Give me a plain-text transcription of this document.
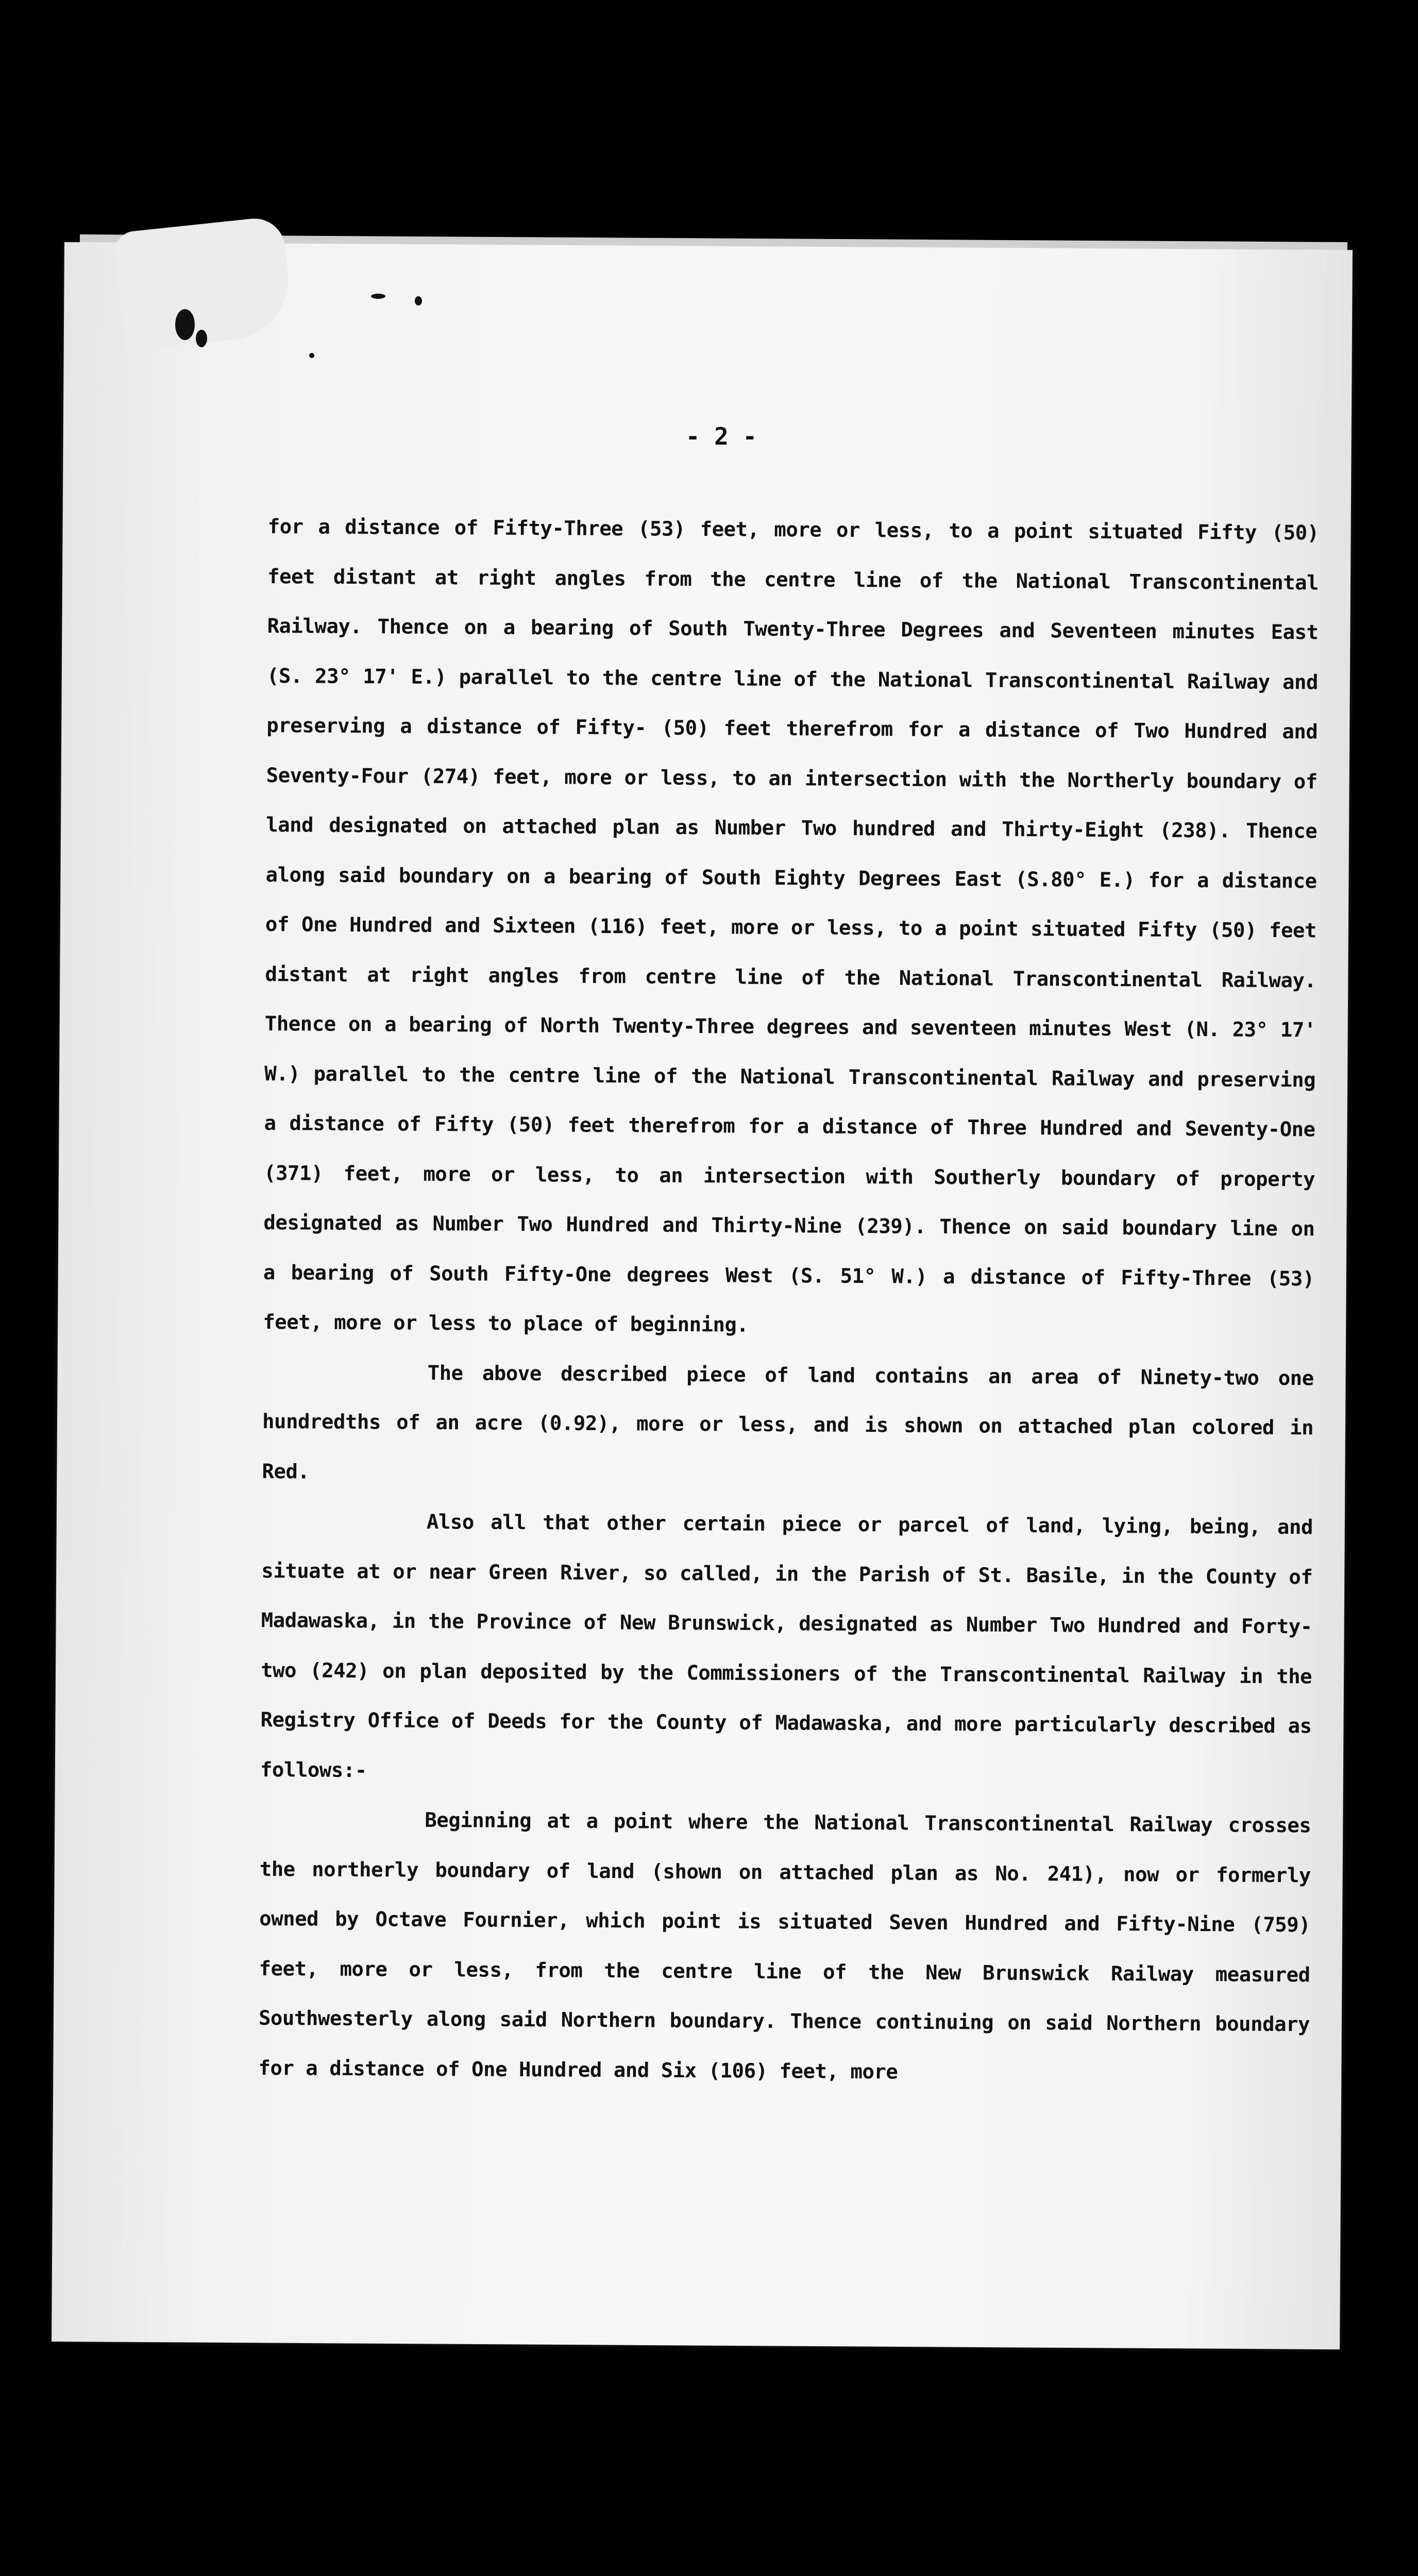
- 2 -

for a distance of Fifty-Three (53) feet, more or less, to a point situated Fifty (50) feet distant at right angles from the centre line of the National Transcontinental Railway. Thence on a bearing of South Twenty-Three Degrees and Seventeen minutes East (S. 23° 17' E.) parallel to the centre line of the National Transcontinental Railway and preserving a distance of Fifty- (50) feet therefrom for a distance of Two Hundred and Seventy-Four (274) feet, more or less, to an intersection with the Northerly boundary of land designated on attached plan as Number Two hundred and Thirty-Eight (238). Thence along said boundary on a bearing of South Eighty Degrees East (S.80° E.) for a distance of One Hundred and Sixteen (116) feet, more or less, to a point situated Fifty (50) feet distant at right angles from centre line of the National Transcontinental Railway. Thence on a bearing of North Twenty-Three degrees and seventeen minutes West (N. 23° 17' W.) parallel to the centre line of the National Transcontinental Railway and preserving a distance of Fifty (50) feet therefrom for a distance of Three Hundred and Seventy-One (371) feet, more or less, to an intersection with Southerly boundary of property designated as Number Two Hundred and Thirty-Nine (239). Thence on said boundary line on a bearing of South Fifty-One degrees West (S. 51° W.) a distance of Fifty-Three (53) feet, more or less to place of beginning.

The above described piece of land contains an area of Ninety-two one hundredths of an acre (0.92), more or less, and is shown on attached plan colored in Red.

Also all that other certain piece or parcel of land, lying, being, and situate at or near Green River, so called, in the Parish of St. Basile, in the County of Madawaska, in the Province of New Brunswick, designated as Number Two Hundred and Forty-two (242) on plan deposited by the Commissioners of the Transcontinental Railway in the Registry Office of Deeds for the County of Madawaska, and more particularly described as follows:-

Beginning at a point where the National Transcontinental Railway crosses the northerly boundary of land (shown on attached plan as No. 241), now or formerly owned by Octave Fournier, which point is situated Seven Hundred and Fifty-Nine (759) feet, more or less, from the centre line of the New Brunswick Railway measured Southwesterly along said Northern boundary. Thence continuing on said Northern boundary for a distance of One Hundred and Six (106) feet, more
